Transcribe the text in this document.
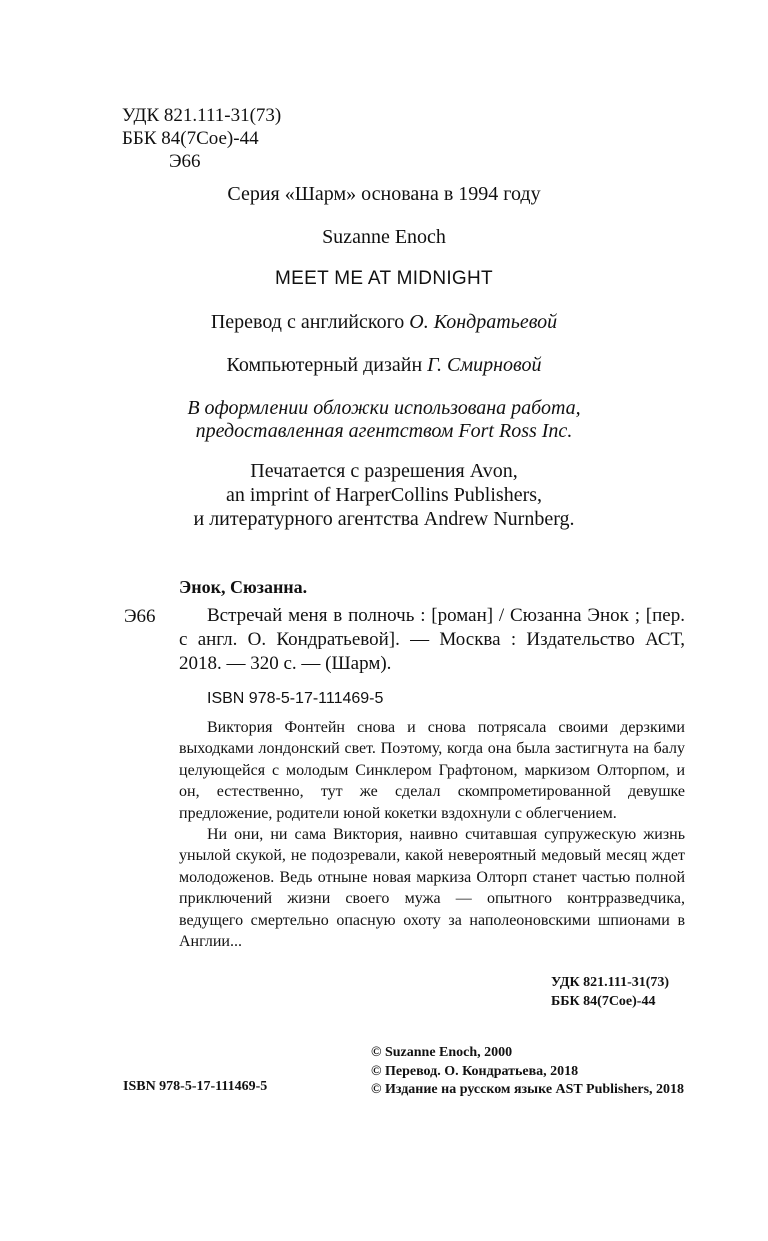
УДК 821.111-31(73)
ББК 84(7Сое)-44
Э66
Серия «Шарм» основана в 1994 году
Suzanne Enoch
MEET ME AT MIDNIGHT
Перевод с английского О. Кондратьевой
Компьютерный дизайн Г. Смирновой
В оформлении обложки использована работа,
предоставленная агентством Fort Ross Inc.
Печатается с разрешения Avon,
an imprint of HarperCollins Publishers,
и литературного агентства Andrew Nurnberg.
Энок, Сюзанна.
Э66	Встречай меня в полночь : [роман] / Сюзанна Энок ; [пер. с англ. О. Кондратьевой]. — Москва : Издательство АСТ, 2018. — 320 с. — (Шарм).
ISBN 978-5-17-111469-5

Виктория Фонтейн снова и снова потрясала своими дерзкими выходками лондонский свет. Поэтому, когда она была застигнута на балу целующейся с молодым Синклером Графтоном, маркизом Олторпом, и он, естественно, тут же сделал скомпрометированной девушке предложение, родители юной кокетки вздохнули с облегчением.

Ни они, ни сама Виктория, наивно считавшая супружескую жизнь унылой скукой, не подозревали, какой невероятный медовый месяц ждет молодоженов. Ведь отныне новая маркиза Олторп станет частью полной приключений жизни своего мужа — опытного контрразведчика, ведущего смертельно опасную охоту за наполеоновскими шпионами в Англии...

УДК 821.111-31(73)
ББК 84(7Сое)-44
© Suzanne Enoch, 2000
© Перевод. О. Кондратьева, 2018
© Издание на русском языке AST Publishers, 2018
ISBN 978-5-17-111469-5
